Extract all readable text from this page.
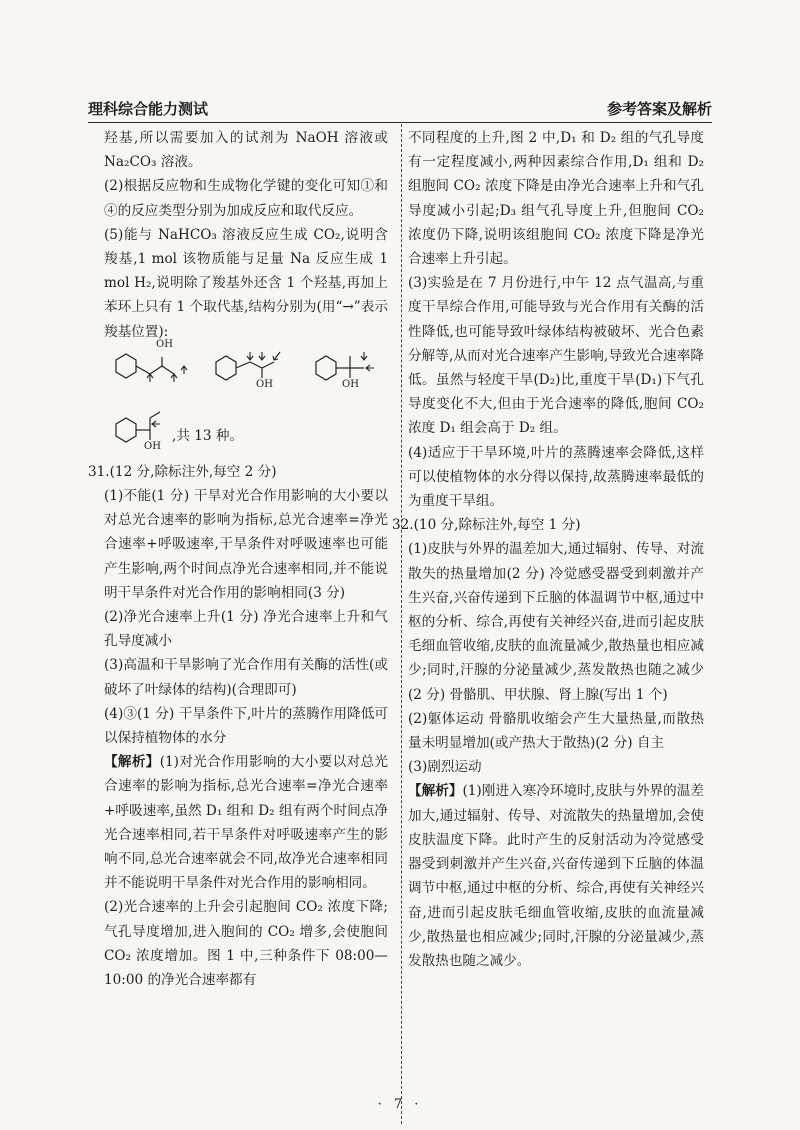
理科综合能力测试	参考答案及解析

羟基,所以需要加入的试剂为 NaOH 溶液或 Na₂CO₃ 溶液。

(2)根据反应物和生成物化学键的变化可知①和④的反应类型分别为加成反应和取代反应。

(5)能与 NaHCO₃ 溶液反应生成 CO₂,说明含羧基,1 mol 该物质能与足量 Na 反应生成 1 mol H₂,说明除了羧基外还含 1 个羟基,再加上苯环上只有 1 个取代基,结构分别为(用“→”表示羧基位置):

OH
OH	OH
OH
,共 13 种。

31.(12 分,除标注外,每空 2 分)

(1)不能(1 分) 干旱对光合作用影响的大小要以对总光合速率的影响为指标,总光合速率=净光合速率+呼吸速率,干旱条件对呼吸速率也可能产生影响,两个时间点净光合速率相同,并不能说明干旱条件对光合作用的影响相同(3 分)

(2)净光合速率上升(1 分) 净光合速率上升和气孔导度减小

(3)高温和干旱影响了光合作用有关酶的活性(或破坏了叶绿体的结构)(合理即可)

(4)③(1 分) 干旱条件下,叶片的蒸腾作用降低可以保持植物体的水分

【解析】(1)对光合作用影响的大小要以对总光合速率的影响为指标,总光合速率=净光合速率+呼吸速率,虽然 D₁ 组和 D₂ 组有两个时间点净光合速率相同,若干旱条件对呼吸速率产生的影响不同,总光合速率就会不同,故净光合速率相同并不能说明干旱条件对光合作用的影响相同。

(2)光合速率的上升会引起胞间 CO₂ 浓度下降;气孔导度增加,进入胞间的 CO₂ 增多,会使胞间 CO₂ 浓度增加。图 1 中,三种条件下 08:00—10:00 的净光合速率都有

不同程度的上升,图 2 中,D₁ 和 D₂ 组的气孔导度有一定程度减小,两种因素综合作用,D₁ 组和 D₂ 组胞间 CO₂ 浓度下降是由净光合速率上升和气孔导度减小引起;D₃ 组气孔导度上升,但胞间 CO₂ 浓度仍下降,说明该组胞间 CO₂ 浓度下降是净光合速率上升引起。

(3)实验是在 7 月份进行,中午 12 点气温高,与重度干旱综合作用,可能导致与光合作用有关酶的活性降低,也可能导致叶绿体结构被破坏、光合色素分解等,从而对光合速率产生影响,导致光合速率降低。虽然与轻度干旱(D₂)比,重度干旱(D₁)下气孔导度变化不大,但由于光合速率的降低,胞间 CO₂ 浓度 D₁ 组会高于 D₂ 组。

(4)适应于干旱环境,叶片的蒸腾速率会降低,这样可以使植物体的水分得以保持,故蒸腾速率最低的为重度干旱组。

32.(10 分,除标注外,每空 1 分)

(1)皮肤与外界的温差加大,通过辐射、传导、对流散失的热量增加(2 分) 冷觉感受器受到刺激并产生兴奋,兴奋传递到下丘脑的体温调节中枢,通过中枢的分析、综合,再使有关神经兴奋,进而引起皮肤毛细血管收缩,皮肤的血流量减少,散热量也相应减少;同时,汗腺的分泌量减少,蒸发散热也随之减少(2 分) 骨骼肌、甲状腺、肾上腺(写出 1 个)

(2)躯体运动 骨骼肌收缩会产生大量热量,而散热量未明显增加(或产热大于散热)(2 分) 自主

(3)剧烈运动

【解析】(1)刚进入寒冷环境时,皮肤与外界的温差加大,通过辐射、传导、对流散失的热量增加,会使皮肤温度下降。此时产生的反射活动为冷觉感受器受到刺激并产生兴奋,兴奋传递到下丘脑的体温调节中枢,通过中枢的分析、综合,再使有关神经兴奋,进而引起皮肤毛细血管收缩,皮肤的血流量减少,散热量也相应减少;同时,汗腺的分泌量减少,蒸发散热也随之减少。

· 7 ·
